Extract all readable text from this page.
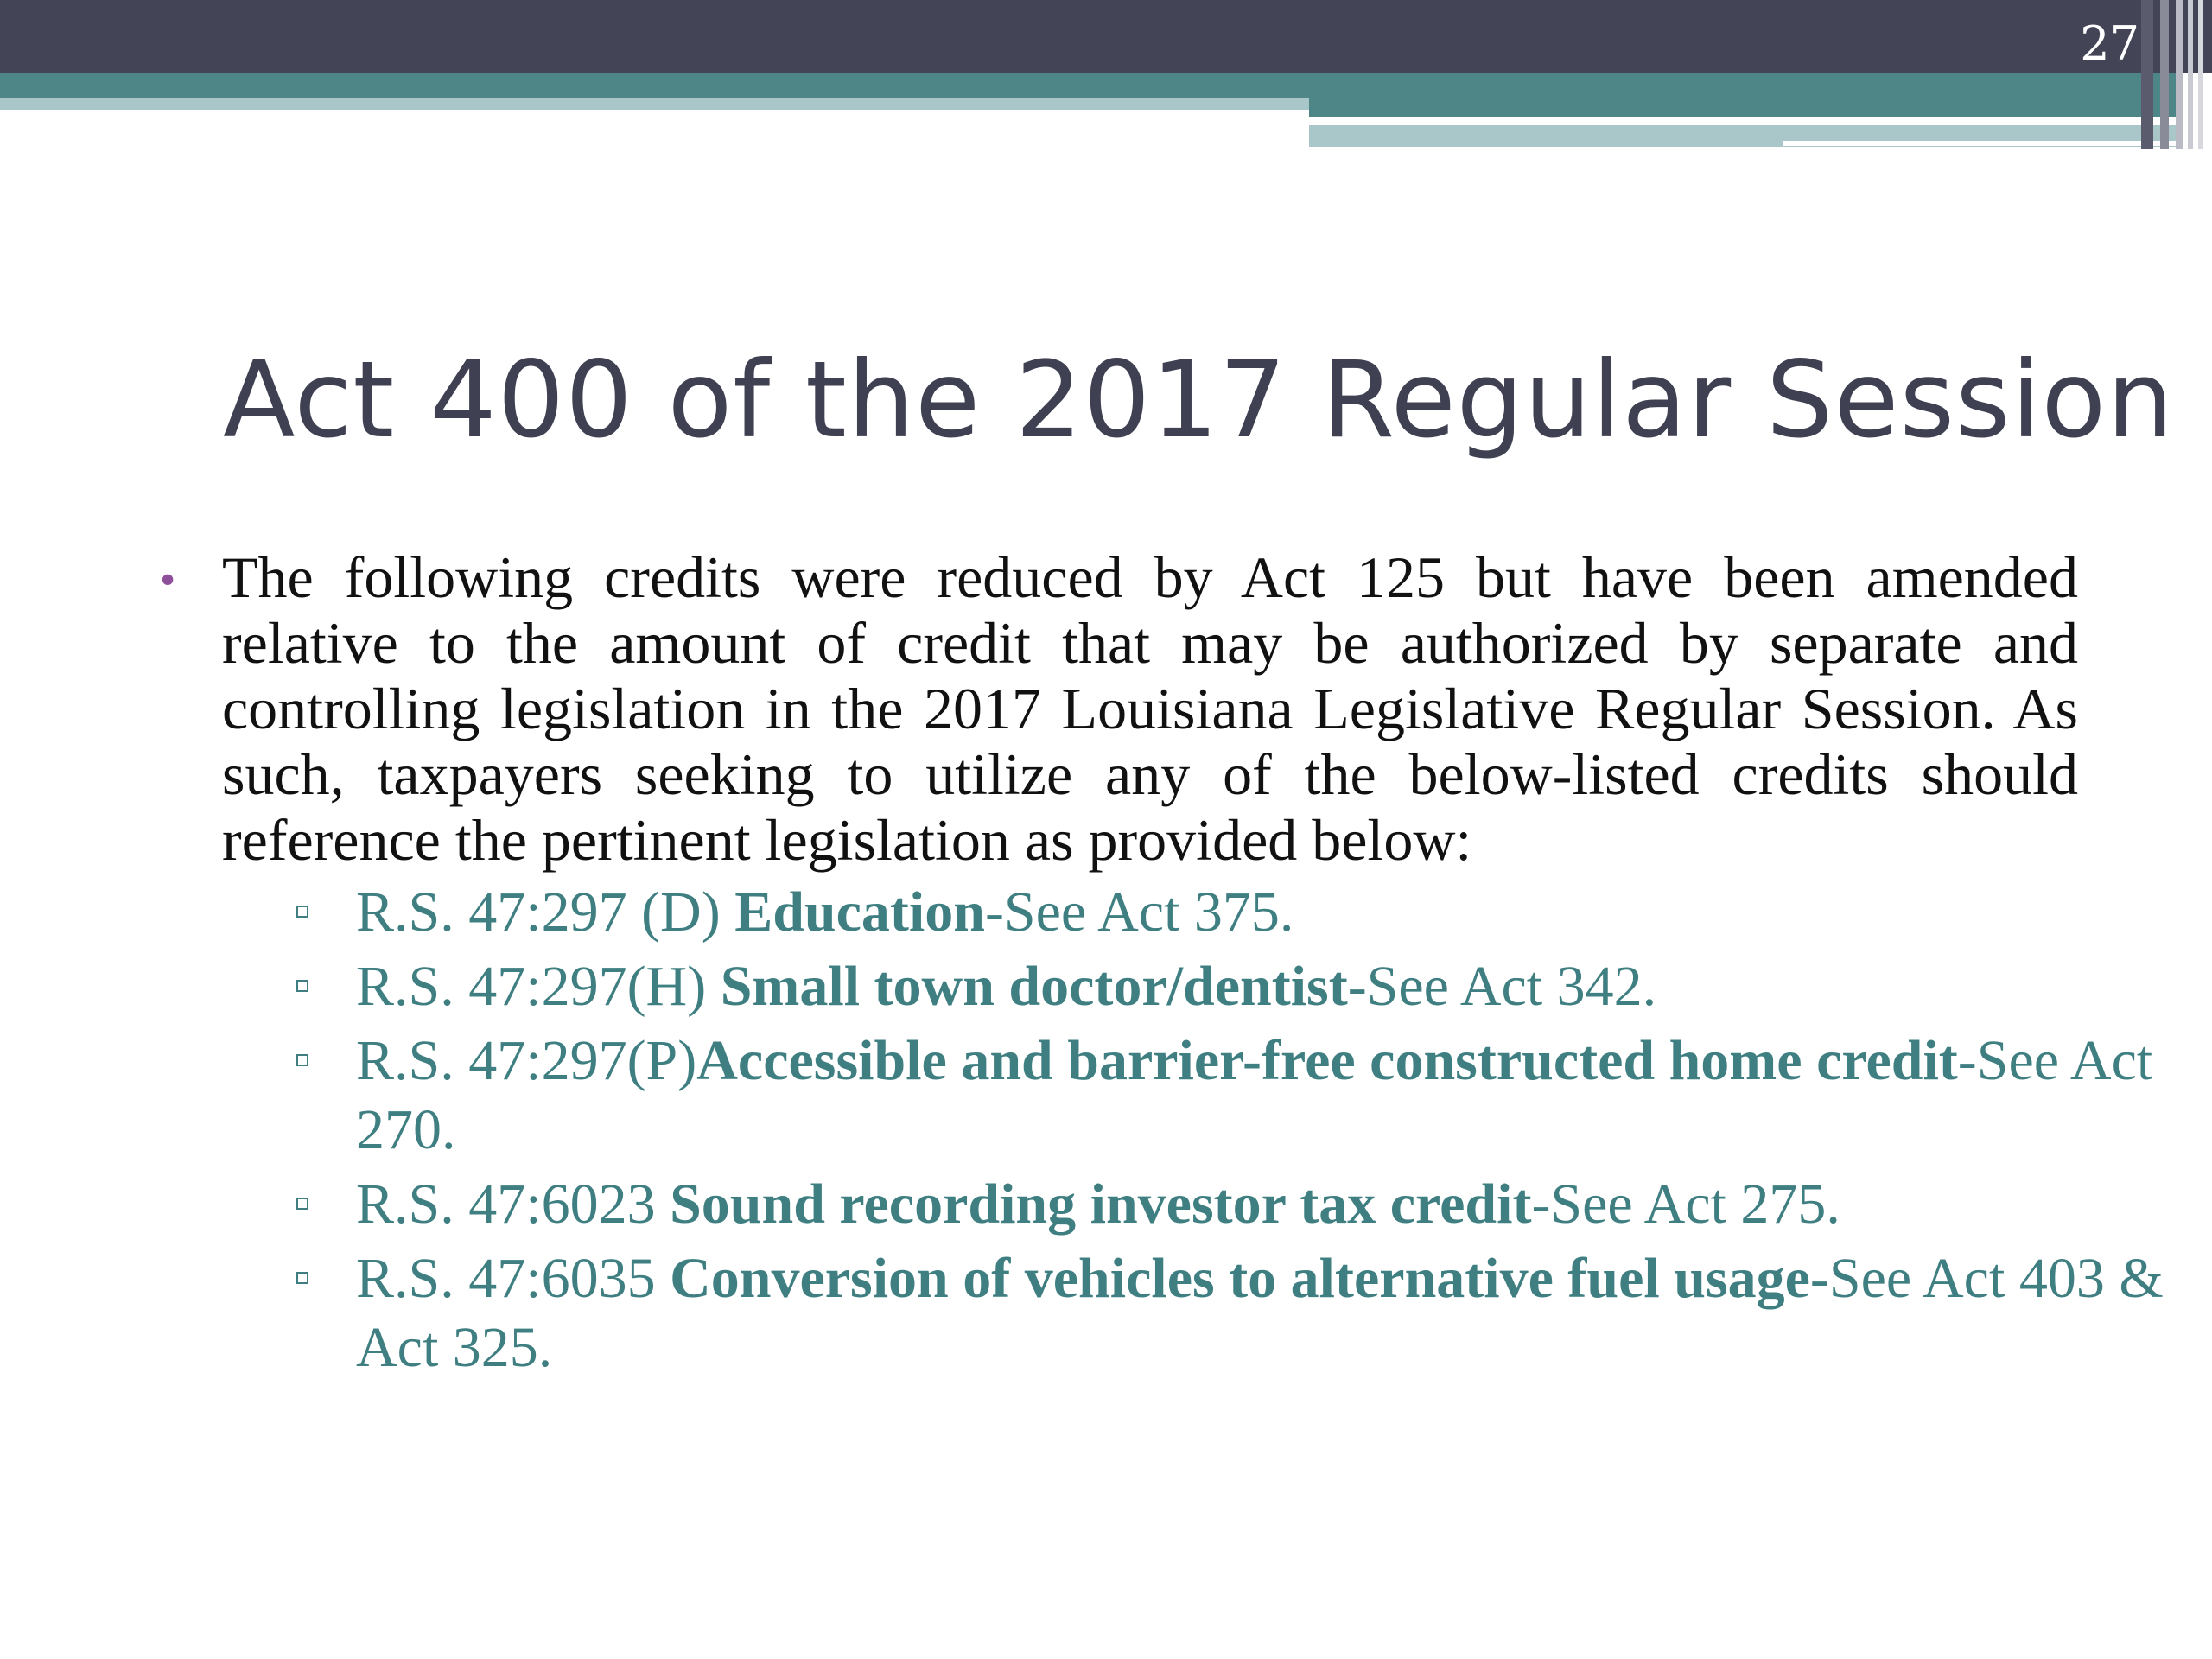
27
Act 400 of the 2017 Regular Session
• The following credits were reduced by Act 125 but have been amended relative to the amount of credit that may be authorized by separate and controlling legislation in the 2017 Louisiana Legislative Regular Session. As such, taxpayers seeking to utilize any of the below-listed credits should reference the pertinent legislation as provided below:

R.S. 47:297 (D) Education-See Act 375.
R.S. 47:297(H) Small town doctor/dentist-See Act 342.
R.S. 47:297(P)Accessible and barrier-free constructed home credit-See Act 270.
R.S. 47:6023 Sound recording investor tax credit-See Act 275.
R.S. 47:6035 Conversion of vehicles to alternative fuel usage-See Act 403 & Act 325.
